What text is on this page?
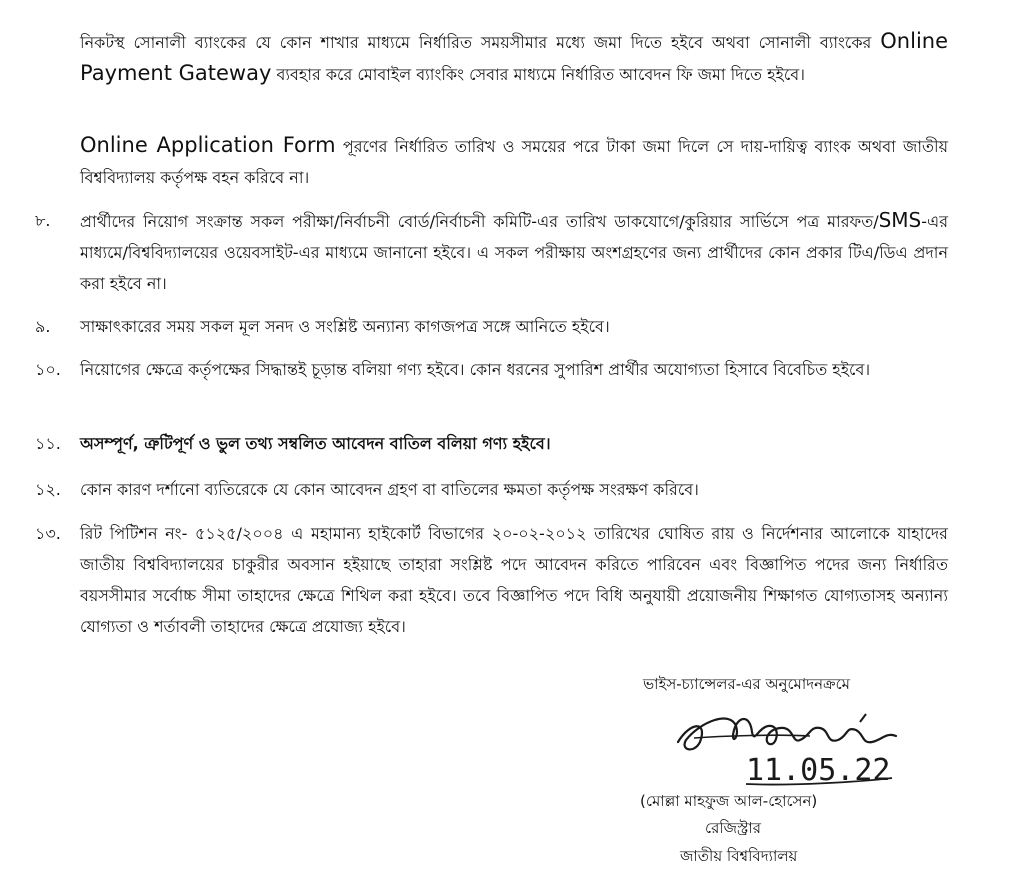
নিকটস্থ সোনালী ব্যাংকের যে কোন শাখার মাধ্যমে নির্ধারিত সময়সীমার মধ্যে জমা দিতে হইবে অথবা সোনালী ব্যাংকের Online Payment Gateway ব্যবহার করে মোবাইল ব্যাংকিং সেবার মাধ্যমে নির্ধারিত আবেদন ফি জমা দিতে হইবে।
Online Application Form পূরণের নির্ধারিত তারিখ ও সময়ের পরে টাকা জমা দিলে সে দায়-দায়িত্ব ব্যাংক অথবা জাতীয় বিশ্ববিদ্যালয় কর্তৃপক্ষ বহন করিবে না।
৮.	প্রার্থীদের নিয়োগ সংক্রান্ত সকল পরীক্ষা/নির্বাচনী বোর্ড/নির্বাচনী কমিটি-এর তারিখ ডাকযোগে/কুরিয়ার সার্ভিসে পত্র মারফত/SMS-এর মাধ্যমে/বিশ্ববিদ্যালয়ের ওয়েবসাইট-এর মাধ্যমে জানানো হইবে। এ সকল পরীক্ষায় অংশগ্রহণের জন্য প্রার্থীদের কোন প্রকার টিএ/ডিএ প্রদান করা হইবে না।
৯.	সাক্ষাৎকারের সময় সকল মূল সনদ ও সংশ্লিষ্ট অন্যান্য কাগজপত্র সঙ্গে আনিতে হইবে।
১০.	নিয়োগের ক্ষেত্রে কর্তৃপক্ষের সিদ্ধান্তই চূড়ান্ত বলিয়া গণ্য হইবে। কোন ধরনের সুপারিশ প্রার্থীর অযোগ্যতা হিসাবে বিবেচিত হইবে।
১১.	অসম্পূর্ণ, ত্রুটিপূর্ণ ও ভুল তথ্য সম্বলিত আবেদন বাতিল বলিয়া গণ্য হইবে।
১২.	কোন কারণ দর্শানো ব্যতিরেকে যে কোন আবেদন গ্রহণ বা বাতিলের ক্ষমতা কর্তৃপক্ষ সংরক্ষণ করিবে।
১৩.	রিট পিটিশন নং- ৫১২৫/২০০৪ এ মহামান্য হাইকোর্ট বিভাগের ২০-০২-২০১২ তারিখের ঘোষিত রায় ও নির্দেশনার আলোকে যাহাদের জাতীয় বিশ্ববিদ্যালয়ের চাকুরীর অবসান হইয়াছে তাহারা সংশ্লিষ্ট পদে আবেদন করিতে পারিবেন এবং বিজ্ঞাপিত পদের জন্য নির্ধারিত বয়সসীমার সর্বোচ্চ সীমা তাহাদের ক্ষেত্রে শিথিল করা হইবে। তবে বিজ্ঞাপিত পদে বিধি অনুযায়ী প্রয়োজনীয় শিক্ষাগত যোগ্যতাসহ অন্যান্য যোগ্যতা ও শর্তাবলী তাহাদের ক্ষেত্রে প্রযোজ্য হইবে।
ভাইস-চ্যান্সেলর-এর অনুমোদনক্রমে
11.05.22
(মোল্লা মাহফুজ আল-হোসেন)
রেজিস্ট্রার
জাতীয় বিশ্ববিদ্যালয়
